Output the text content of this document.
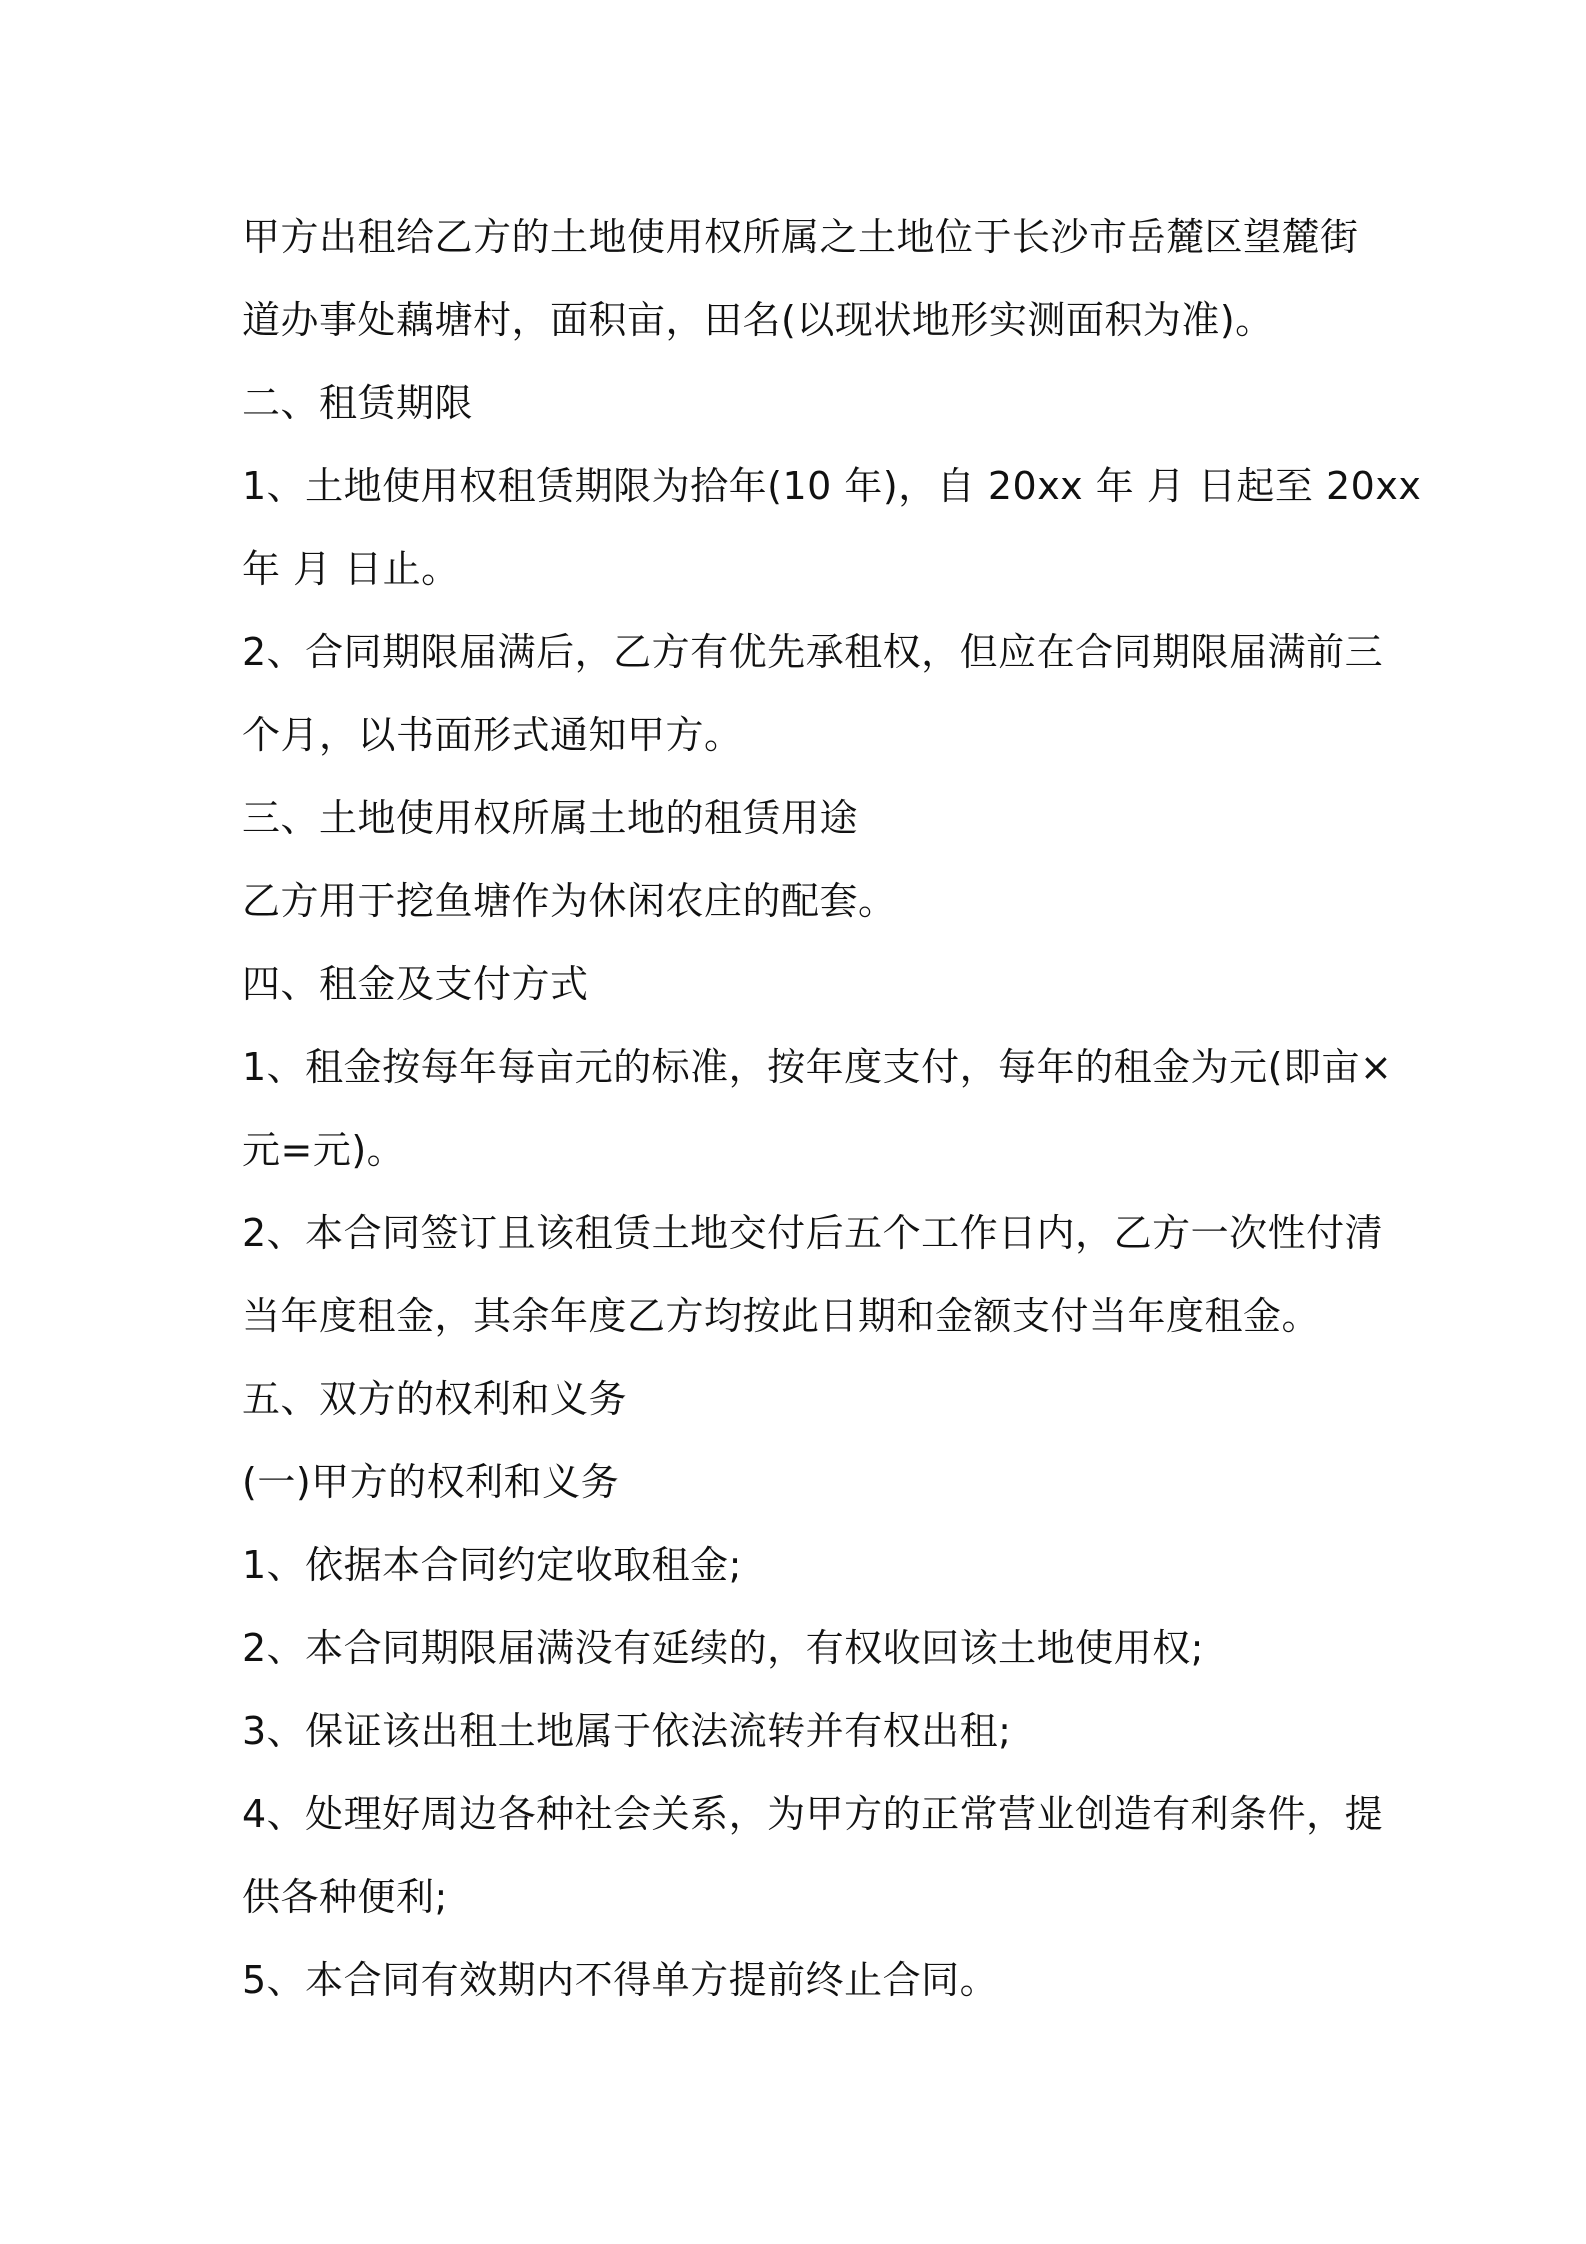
甲方出租给乙方的土地使用权所属之土地位于长沙市岳麓区望麓街
道办事处藕塘村，面积亩，田名(以现状地形实测面积为准)。
二、租赁期限
1、土地使用权租赁期限为拾年(10 年)，自 20xx 年 月 日起至 20xx
年 月 日止。
2、合同期限届满后，乙方有优先承租权，但应在合同期限届满前三
个月，以书面形式通知甲方。
三、土地使用权所属土地的租赁用途
乙方用于挖鱼塘作为休闲农庄的配套。
四、租金及支付方式
1、租金按每年每亩元的标准，按年度支付，每年的租金为元(即亩×
元=元)。
2、本合同签订且该租赁土地交付后五个工作日内，乙方一次性付清
当年度租金，其余年度乙方均按此日期和金额支付当年度租金。
五、双方的权利和义务
(一)甲方的权利和义务
1、依据本合同约定收取租金;
2、本合同期限届满没有延续的，有权收回该土地使用权;
3、保证该出租土地属于依法流转并有权出租;
4、处理好周边各种社会关系，为甲方的正常营业创造有利条件，提
供各种便利;
5、本合同有效期内不得单方提前终止合同。
